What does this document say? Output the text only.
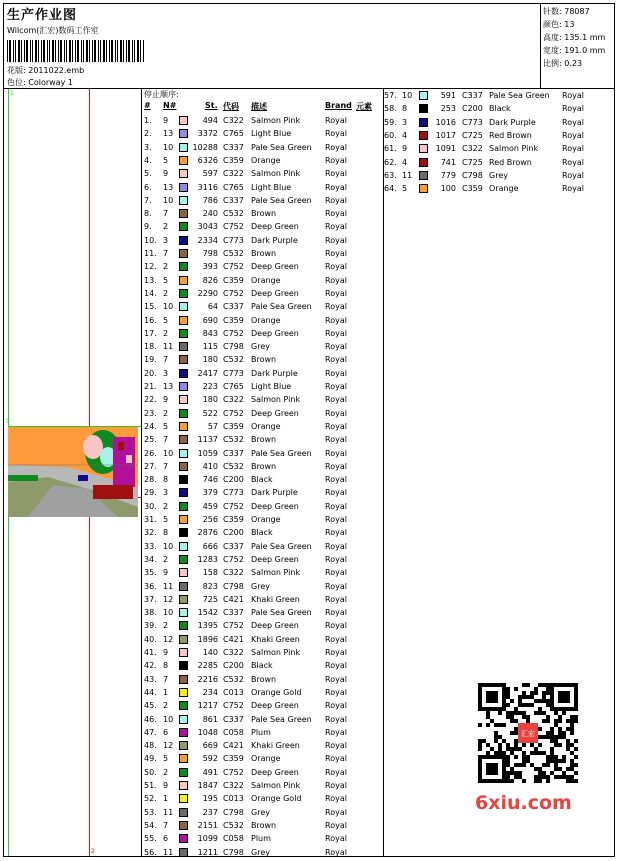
生产作业图
Wilcom(汇宏)数码工作室
花版: 2011022.emb
色位: Colorway 1
针数: 78087
颜色: 13
高度: 135.1 mm
宽度: 191.0 mm
比例: 0.23
1
1
2
停止顺序:
# N#	St. 代码 描述	Brand 元素
1. 9	494 C322 Salmon Pink	Royal
2. 13	3372 C765 Light Blue	Royal
3. 10 10288 C337 Pale Sea Green Royal
4. 5	6326 C359 Orange	Royal
5. 9	597 C322 Salmon Pink	Royal
6. 13	3116 C765 Light Blue	Royal
7. 10	786 C337 Pale Sea Green Royal
8. 7	240 C532 Brown	Royal
9. 2	3043 C752 Deep Green	Royal
10. 3	2334 C773 Dark Purple	Royal
11. 7	798 C532 Brown	Royal
12. 2	393 C752 Deep Green	Royal
13. 5	826 C359 Orange	Royal
14. 2	2290 C752 Deep Green	Royal
15. 10	64 C337 Pale Sea Green Royal
16. 5	690 C359 Orange	Royal
17. 2	843 C752 Deep Green	Royal
18. 11	115 C798 Grey	Royal
19. 7	180 C532 Brown	Royal
20. 3	2417 C773 Dark Purple	Royal
21. 13	223 C765 Light Blue	Royal
22. 9	180 C322 Salmon Pink	Royal
23. 2	522 C752 Deep Green	Royal
24. 5	57 C359 Orange	Royal
25. 7	1137 C532 Brown	Royal
26. 10	1059 C337 Pale Sea Green Royal
27. 7	410 C532 Brown	Royal
28. 8	746 C200 Black	Royal
29. 3	379 C773 Dark Purple	Royal
30. 2	459 C752 Deep Green	Royal
31. 5	256 C359 Orange	Royal
32. 8	2876 C200 Black	Royal
33. 10	666 C337 Pale Sea Green Royal
34. 2	1283 C752 Deep Green	Royal
35. 9	158 C322 Salmon Pink	Royal
36. 11	823 C798 Grey	Royal
37. 12	725 C421 Khaki Green	Royal
38. 10	1542 C337 Pale Sea Green Royal
39. 2	1395 C752 Deep Green	Royal
40. 12	1896 C421 Khaki Green	Royal
41. 9	140 C322 Salmon Pink	Royal
42. 8	2285 C200 Black	Royal
43. 7	2216 C532 Brown	Royal
44. 1	234 C013 Orange Gold	Royal
45. 2	1217 C752 Deep Green	Royal
46. 10	861 C337 Pale Sea Green Royal
47. 6	1048 C058 Plum	Royal
48. 12	669 C421 Khaki Green	Royal
49. 5	592 C359 Orange	Royal
50. 2	491 C752 Deep Green	Royal
51. 9	1847 C322 Salmon Pink	Royal
52. 1	195 C013 Orange Gold	Royal
53. 11	237 C798 Grey	Royal
54. 7	2151 C532 Brown	Royal
55. 6	1099 C058 Plum	Royal
56. 11	1211 C798 Grey	Royal
57. 10	591 C337 Pale Sea Green Royal
58. 8	253 C200 Black	Royal
59. 3	1016 C773 Dark Purple	Royal
60. 4	1017 C725 Red Brown	Royal
61. 9	1091 C322 Salmon Pink	Royal
62. 4	741 C725 Red Brown	Royal
63. 11	779 C798 Grey	Royal
64. 5	100 C359 Orange	Royal
汇宏
6xiu.com
